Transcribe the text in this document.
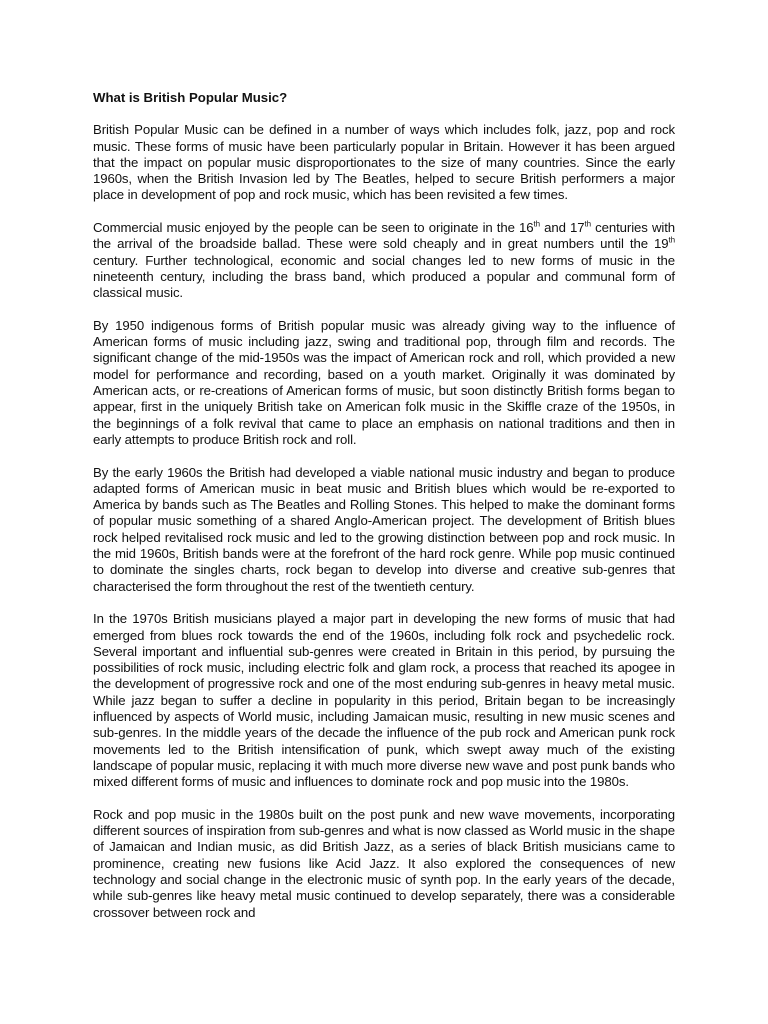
What is British Popular Music?

British Popular Music can be defined in a number of ways which includes folk, jazz, pop and rock music. These forms of music have been particularly popular in Britain. However it has been argued that the impact on popular music disproportionates to the size of many countries. Since the early 1960s, when the British Invasion led by The Beatles, helped to secure British performers a major place in development of pop and rock music, which has been revisited a few times.

Commercial music enjoyed by the people can be seen to originate in the 16th and 17th centuries with the arrival of the broadside ballad. These were sold cheaply and in great numbers until the 19th century. Further technological, economic and social changes led to new forms of music in the nineteenth century, including the brass band, which produced a popular and communal form of classical music.

By 1950 indigenous forms of British popular music was already giving way to the influence of American forms of music including jazz, swing and traditional pop, through film and records. The significant change of the mid-1950s was the impact of American rock and roll, which provided a new model for performance and recording, based on a youth market. Originally it was dominated by American acts, or re-creations of American forms of music, but soon distinctly British forms began to appear, first in the uniquely British take on American folk music in the Skiffle craze of the 1950s, in the beginnings of a folk revival that came to place an emphasis on national traditions and then in early attempts to produce British rock and roll.

By the early 1960s the British had developed a viable national music industry and began to produce adapted forms of American music in beat music and British blues which would be re-exported to America by bands such as The Beatles and Rolling Stones. This helped to make the dominant forms of popular music something of a shared Anglo-American project. The development of British blues rock helped revitalised rock music and led to the growing distinction between pop and rock music. In the mid 1960s, British bands were at the forefront of the hard rock genre. While pop music continued to dominate the singles charts, rock began to develop into diverse and creative sub-genres that characterised the form throughout the rest of the twentieth century.

In the 1970s British musicians played a major part in developing the new forms of music that had emerged from blues rock towards the end of the 1960s, including folk rock and psychedelic rock. Several important and influential sub-genres were created in Britain in this period, by pursuing the possibilities of rock music, including electric folk and glam rock, a process that reached its apogee in the development of progressive rock and one of the most enduring sub-genres in heavy metal music. While jazz began to suffer a decline in popularity in this period, Britain began to be increasingly influenced by aspects of World music, including Jamaican music, resulting in new music scenes and sub-genres. In the middle years of the decade the influence of the pub rock and American punk rock movements led to the British intensification of punk, which swept away much of the existing landscape of popular music, replacing it with much more diverse new wave and post punk bands who mixed different forms of music and influences to dominate rock and pop music into the 1980s.

Rock and pop music in the 1980s built on the post punk and new wave movements, incorporating different sources of inspiration from sub-genres and what is now classed as World music in the shape of Jamaican and Indian music, as did British Jazz, as a series of black British musicians came to prominence, creating new fusions like Acid Jazz. It also explored the consequences of new technology and social change in the electronic music of synth pop. In the early years of the decade, while sub-genres like heavy metal music continued to develop separately, there was a considerable crossover between rock and
